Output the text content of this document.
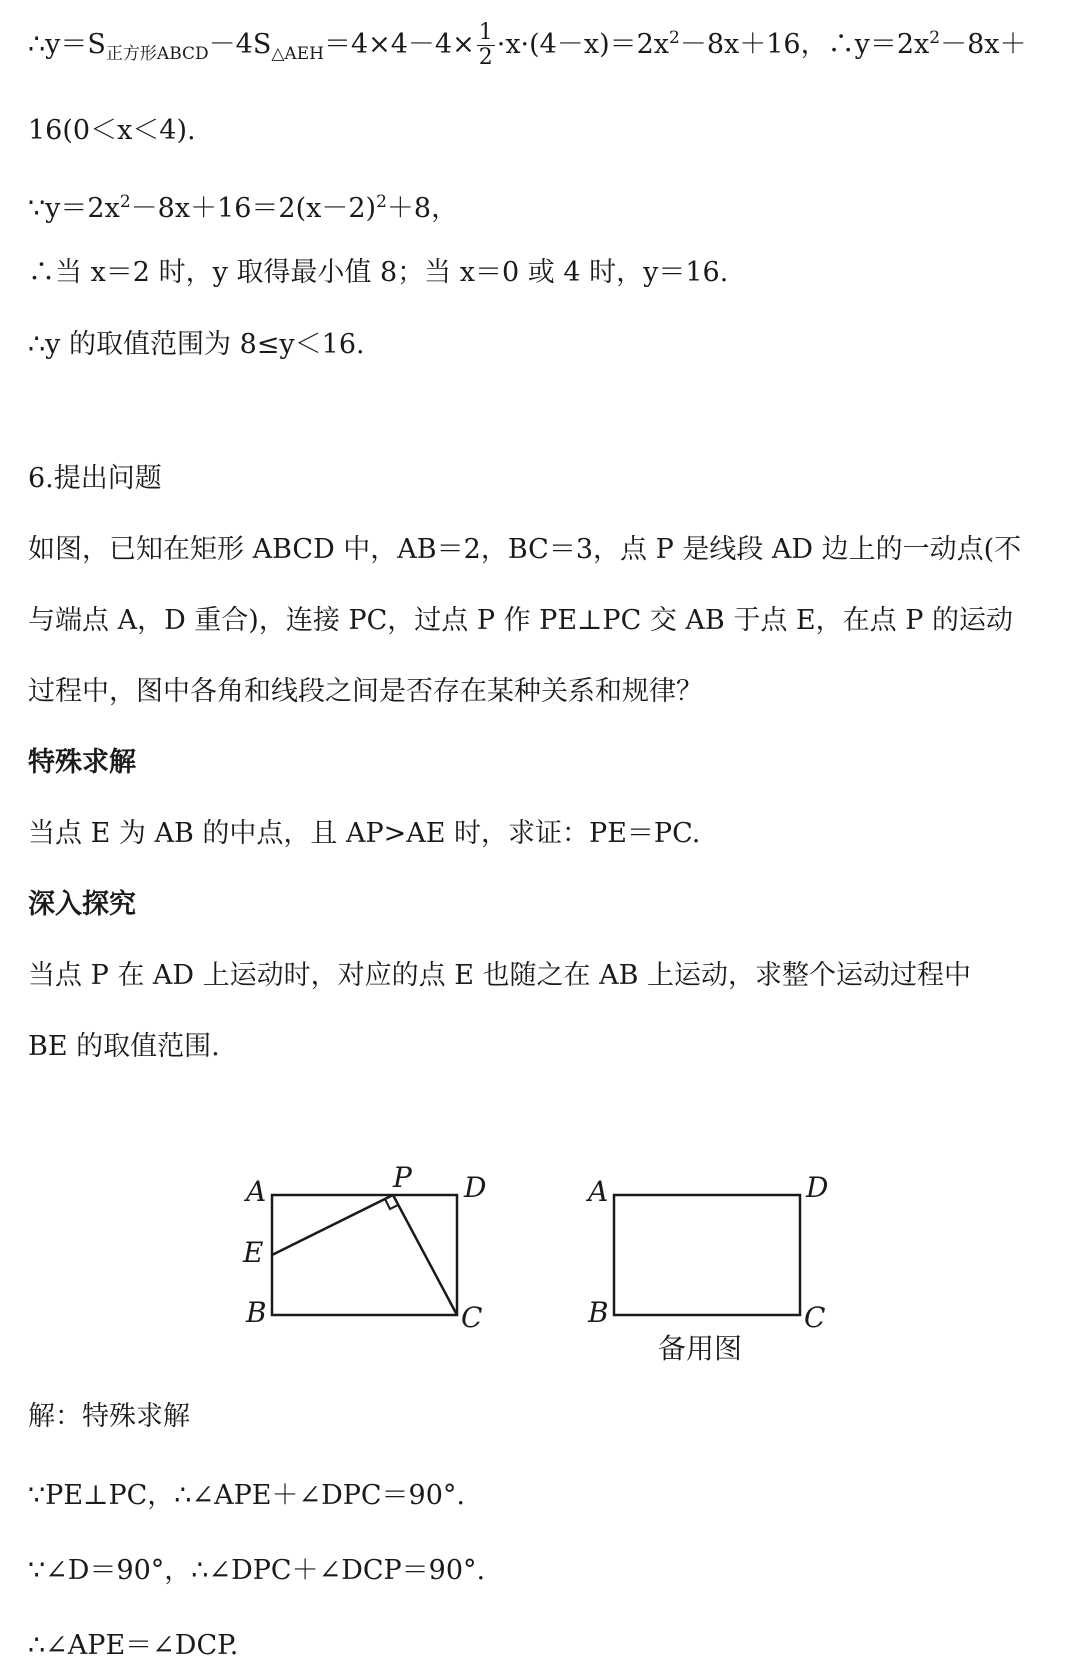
$\therefore y=S_{正方形ABCD}-4S_{\triangle AEH}=4\times 4-4\times \frac{1}{2} \cdot x\cdot(4-x)=2x^2-8x+16$，$\therefore y=2x^2-8x+$

16(0＜x＜4).

$\because y=2x^2-8x+16=2(x-2)^2+8$，

∴当 x＝2 时，y 取得最小值 8；当 x＝0 或 4 时，y＝16.

∴y 的取值范围为 8≤y＜16.

6.提出问题

如图，已知在矩形 ABCD 中，AB＝2，BC＝3，点 P 是线段 AD 边上的一动点(不

与端点 A，D 重合)，连接 PC，过点 P 作 PE⊥PC 交 AB 于点 E，在点 P 的运动

过程中，图中各角和线段之间是否存在某种关系和规律？

特殊求解

当点 E 为 AB 的中点，且 AP>AE 时，求证：PE＝PC.

深入探究

当点 P 在 AD 上运动时，对应的点 E 也随之在 AB 上运动，求整个运动过程中

BE 的取值范围.

A	P D
E
B	C
A	D
B	C
备用图

解：特殊求解

∵PE⊥PC，∴∠APE＋∠DPC＝90°.

∵∠D＝90°，∴∠DPC＋∠DCP＝90°.

∴∠APE＝∠DCP.
